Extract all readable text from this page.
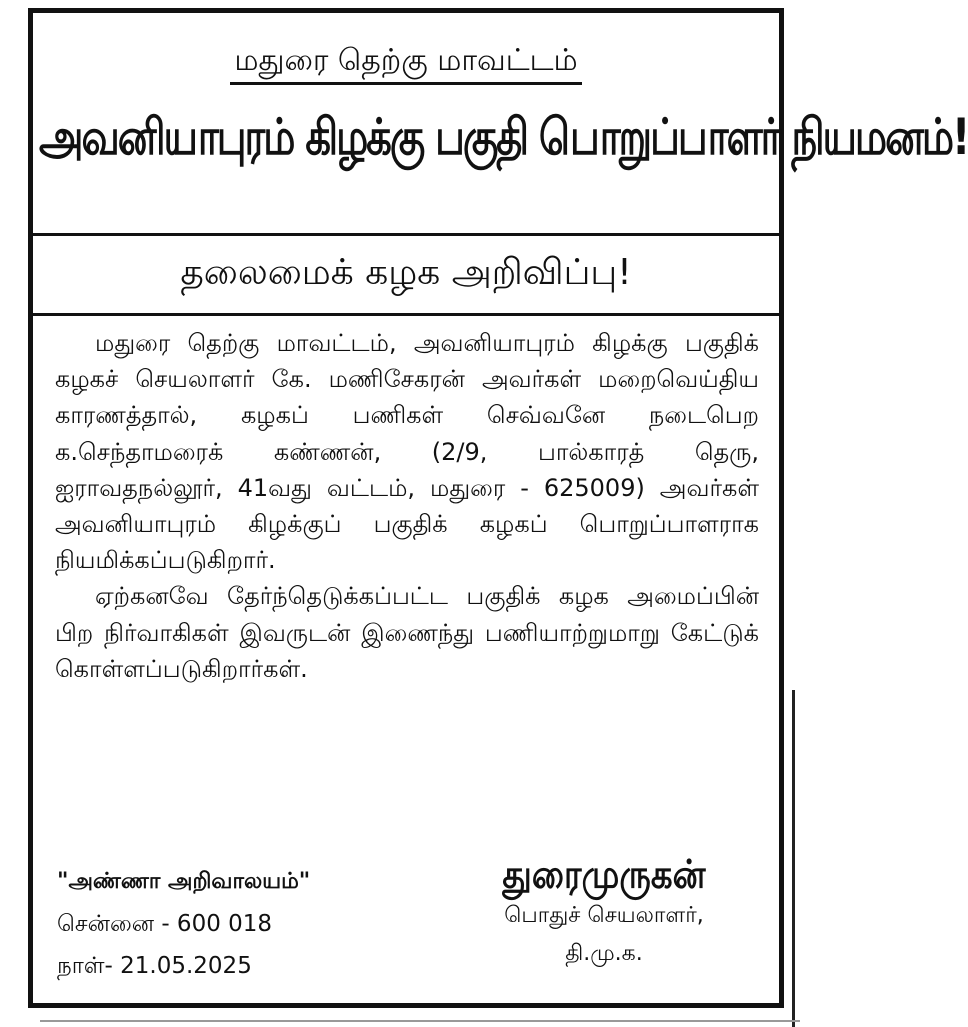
மதுரை தெற்கு மாவட்டம்
அவனியாபுரம் கிழக்கு பகுதி பொறுப்பாளர் நியமனம்!
தலைமைக் கழக அறிவிப்பு!

மதுரை தெற்கு மாவட்டம், அவனியாபுரம் கிழக்கு பகுதிக் கழகச் செயலாளர் கே. மணிசேகரன் அவர்கள் மறைவெய்திய காரணத்தால், கழகப் பணிகள் செவ்வனே நடைபெற க.செந்தாமரைக் கண்ணன், (2/9, பால்காரத் தெரு, ஐராவதநல்லூர், 41வது வட்டம், மதுரை - 625009) அவர்கள் அவனியாபுரம் கிழக்குப் பகுதிக் கழகப் பொறுப்பாளராக நியமிக்கப்படுகிறார்.

ஏற்கனவே தேர்ந்தெடுக்கப்பட்ட பகுதிக் கழக அமைப்பின் பிற நிர்வாகிகள் இவருடன் இணைந்து பணியாற்றுமாறு கேட்டுக் கொள்ளப்படுகிறார்கள்.

"அண்ணா அறிவாலயம்"
சென்னை - 600 018
நாள்- 21.05.2025
துரைமுருகன்
பொதுச் செயலாளர்,
தி.மு.க.
